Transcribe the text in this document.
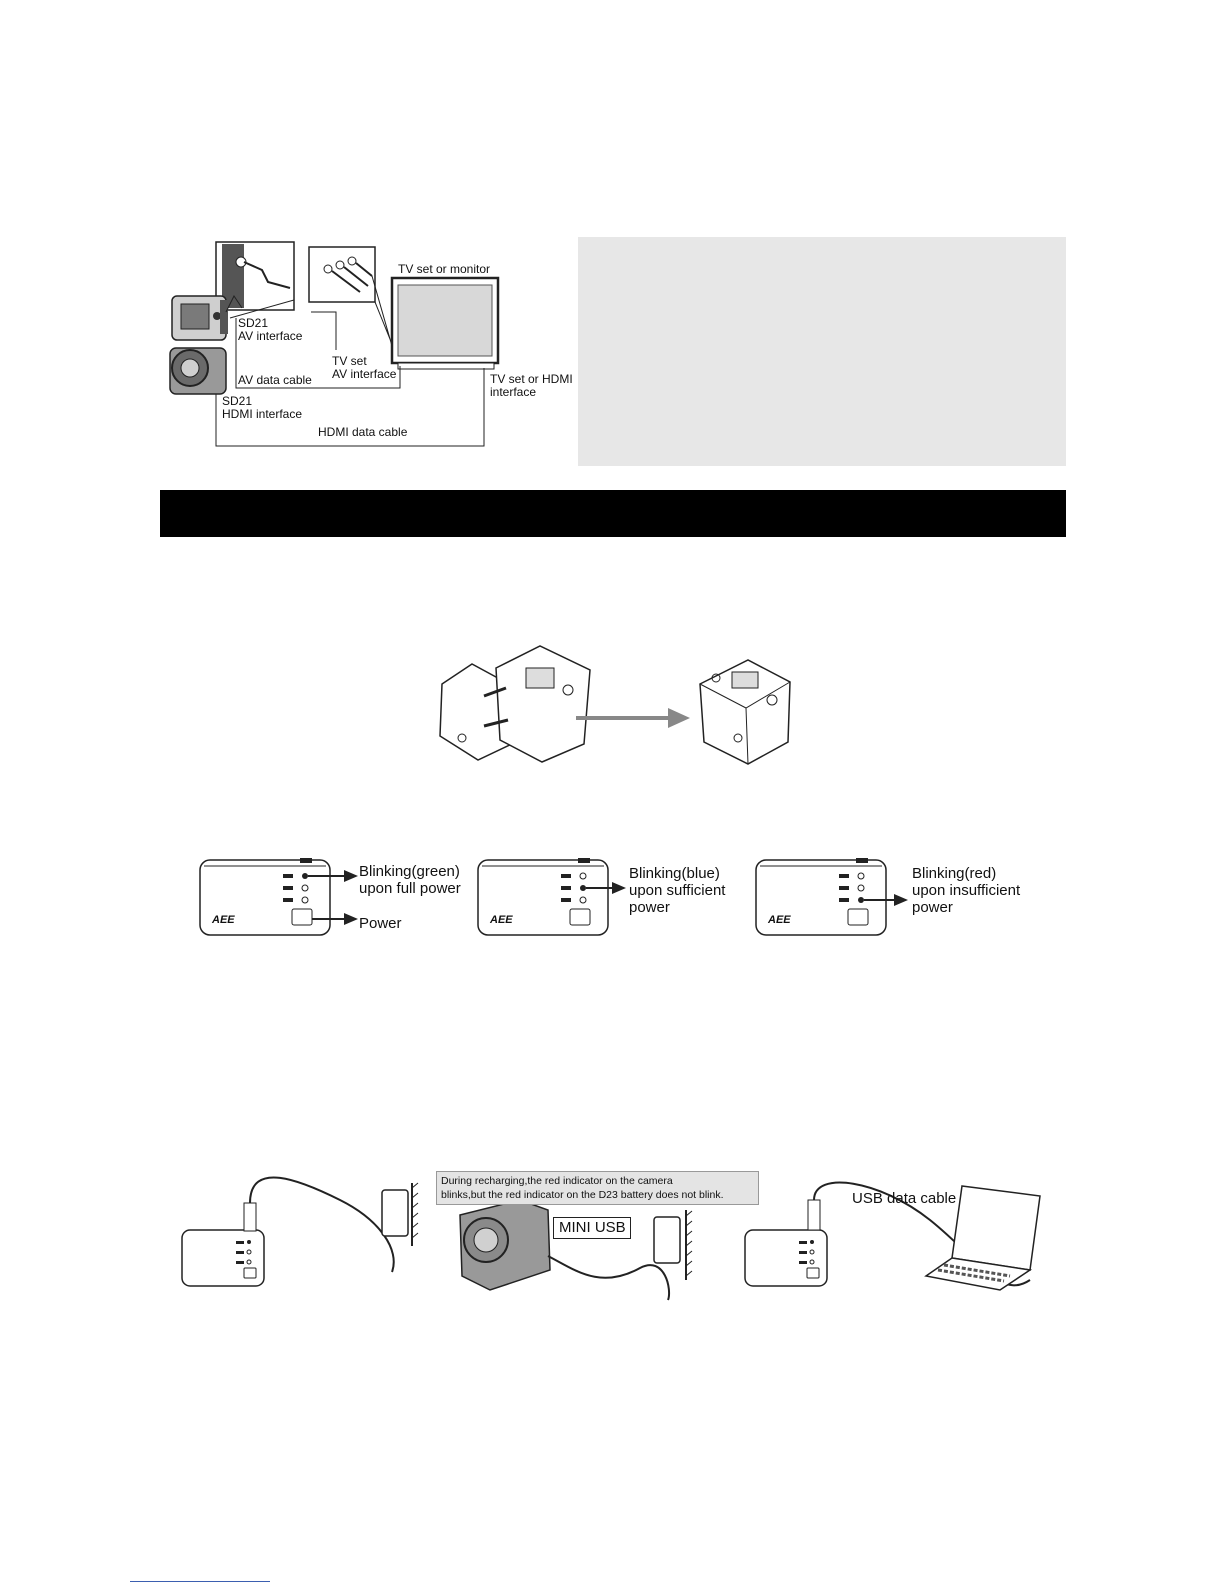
TV set or monitor
SD21
AV interface
TV set
AV interface
AV data cable	TV set or HDMI
interface
SD21
HDMI interface
HDMI data cable
AEE	AEE	AEE
Blinking(green)
upon full power
Power
Blinking(blue)
upon sufficient
power
Blinking(red)
upon insufficient
power
During recharging,the red indicator on the camera
blinks,but the red indicator on the D23 battery does not blink.
MINI USB
USB data cable
